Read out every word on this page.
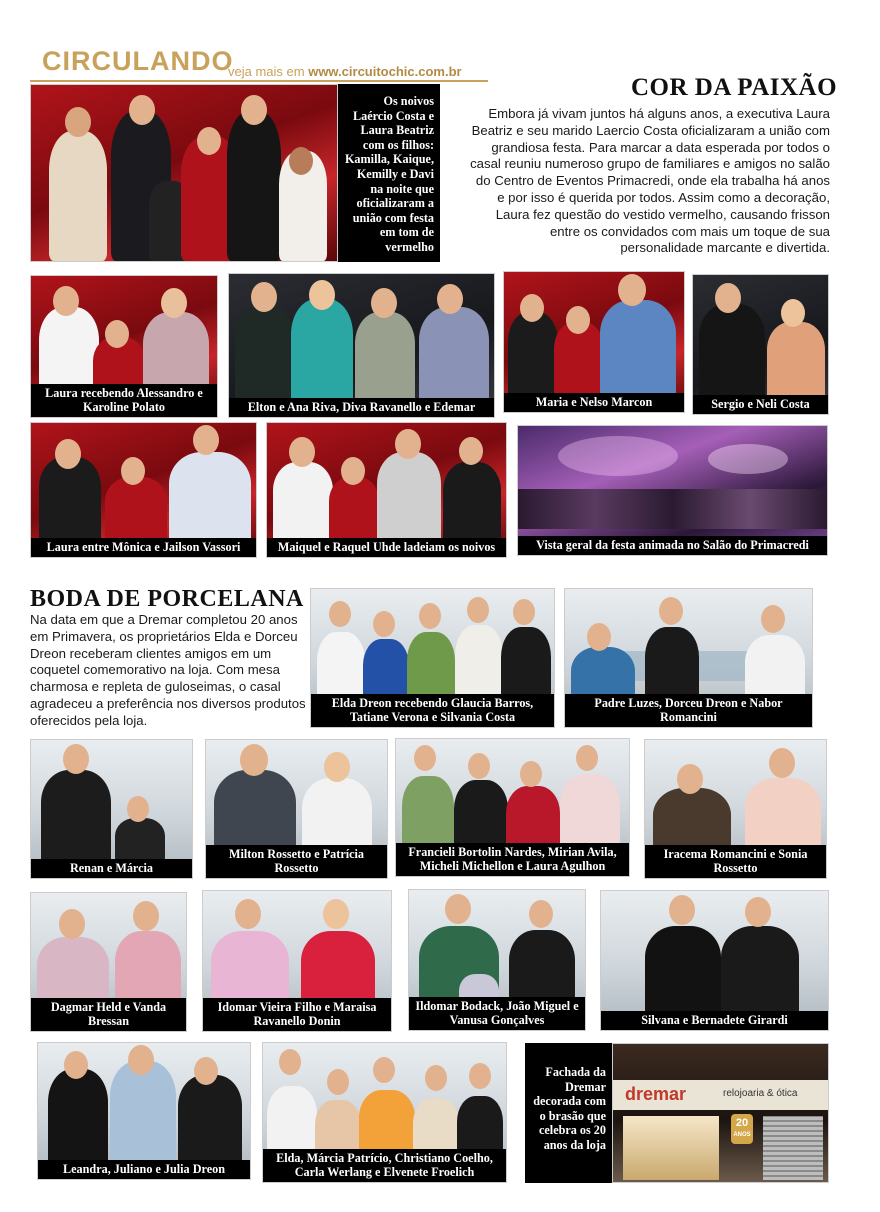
CIRCULANDO
veja mais em www.circuitochic.com.br
Os noivos Laércio Costa e Laura Beatriz com os filhos: Kamilla, Kaique, Kemilly e Davi na noite que oficializaram a união com festa em tom de vermelho
COR DA PAIXÃO
Embora já vivam juntos há alguns anos, a executiva Laura Beatriz e seu marido Laercio Costa oficializaram a união com grandiosa festa. Para marcar a data esperada por todos o casal reuniu numeroso grupo de familiares e amigos no salão do Centro de Eventos Primacredi, onde ela trabalha há anos e por isso é querida por todos. Assim como a decoração, Laura fez questão do vestido vermelho, causando frisson entre os convidados com mais um toque de sua personalidade marcante e divertida.
Laura recebendo Alessandro e Karoline Polato	Elton e Ana Riva, Diva Ravanello e Edemar	Maria e Nelso Marcon	Sergio e Neli Costa
Laura entre Mônica e Jailson Vassori	Maiquel e Raquel Uhde ladeiam os noivos	Vista geral da festa animada no Salão do Primacredi
BODA DE PORCELANA
Na data em que a Dremar completou 20 anos em Primavera, os proprietários Elda e Dorceu Dreon receberam clientes amigos em um coquetel comemorativo na loja. Com mesa charmosa e repleta de guloseimas, o casal agradeceu a preferência nos diversos produtos oferecidos pela loja.
Elda Dreon recebendo Glaucia Barros, Tatiane Verona e Silvania Costa
Padre Luzes, Dorceu Dreon e Nabor Romancini
Renan e Márcia
Milton Rossetto e Patrícia Rossetto
Francieli Bortolin Nardes, Mirian Avila, Micheli Michellon e Laura Agulhon
Iracema Romancini e Sonia Rossetto
Dagmar Held e Vanda Bressan
Idomar Vieira Filho e Maraisa Ravanello Donin
Ildomar Bodack, João Miguel e Vanusa Gonçalves	Silvana e Bernadete Girardi
Leandra, Juliano e Julia Dreon
Elda, Márcia Patrício, Christiano Coelho, Carla Werlang e Elvenete Froelich
Fachada da Dremar decorada com o brasão que celebra os 20 anos da loja
dremar	relojoaria & ótica
20
ANOS
